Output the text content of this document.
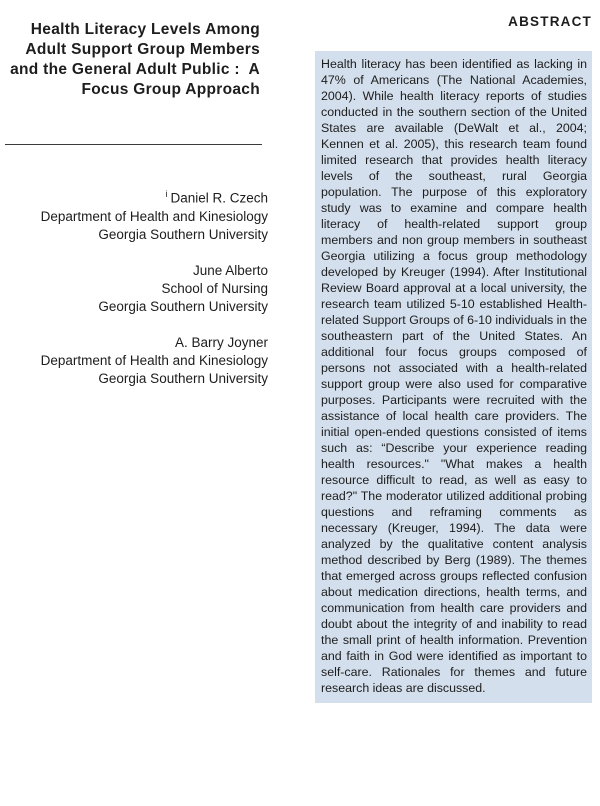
Health Literacy Levels Among
Adult Support Group Members
and the General Adult Public :  A
Focus Group Approach
$^i$ Daniel R. Czech
Department of Health and Kinesiology
Georgia Southern University
June Alberto
School of Nursing
Georgia Southern University
A. Barry Joyner
Department of Health and Kinesiology
Georgia Southern University
ABSTRACT

Health literacy has been identified as lacking in 47% of Americans (The National Academies, 2004). While health literacy reports of studies conducted in the southern section of the United States are available (DeWalt et al., 2004; Kennen et al. 2005), this research team found limited research that provides health literacy levels of the southeast, rural Georgia population. The purpose of this exploratory study was to examine and compare health literacy of health-related support group members and non group members in southeast Georgia utilizing a focus group methodology developed by Kreuger (1994). After Institutional Review Board approval at a local university, the research team utilized 5-10 established Health-related Support Groups of 6-10 individuals in the southeastern part of the United States. An additional four focus groups composed of persons not associated with a health-related support group were also used for comparative purposes. Participants were recruited with the assistance of local health care providers. The initial open-ended questions consisted of items such as: “Describe your experience reading health resources." "What makes a health resource difficult to read, as well as easy to read?" The moderator utilized additional probing questions and reframing comments as necessary (Kreuger, 1994). The data were analyzed by the qualitative content analysis method described by Berg (1989). The themes that emerged across groups reflected confusion about medication directions, health terms, and communication from health care providers and doubt about the integrity of and inability to read the small print of health information. Prevention and faith in God were identified as important to self-care. Rationales for themes and future research ideas are discussed.
